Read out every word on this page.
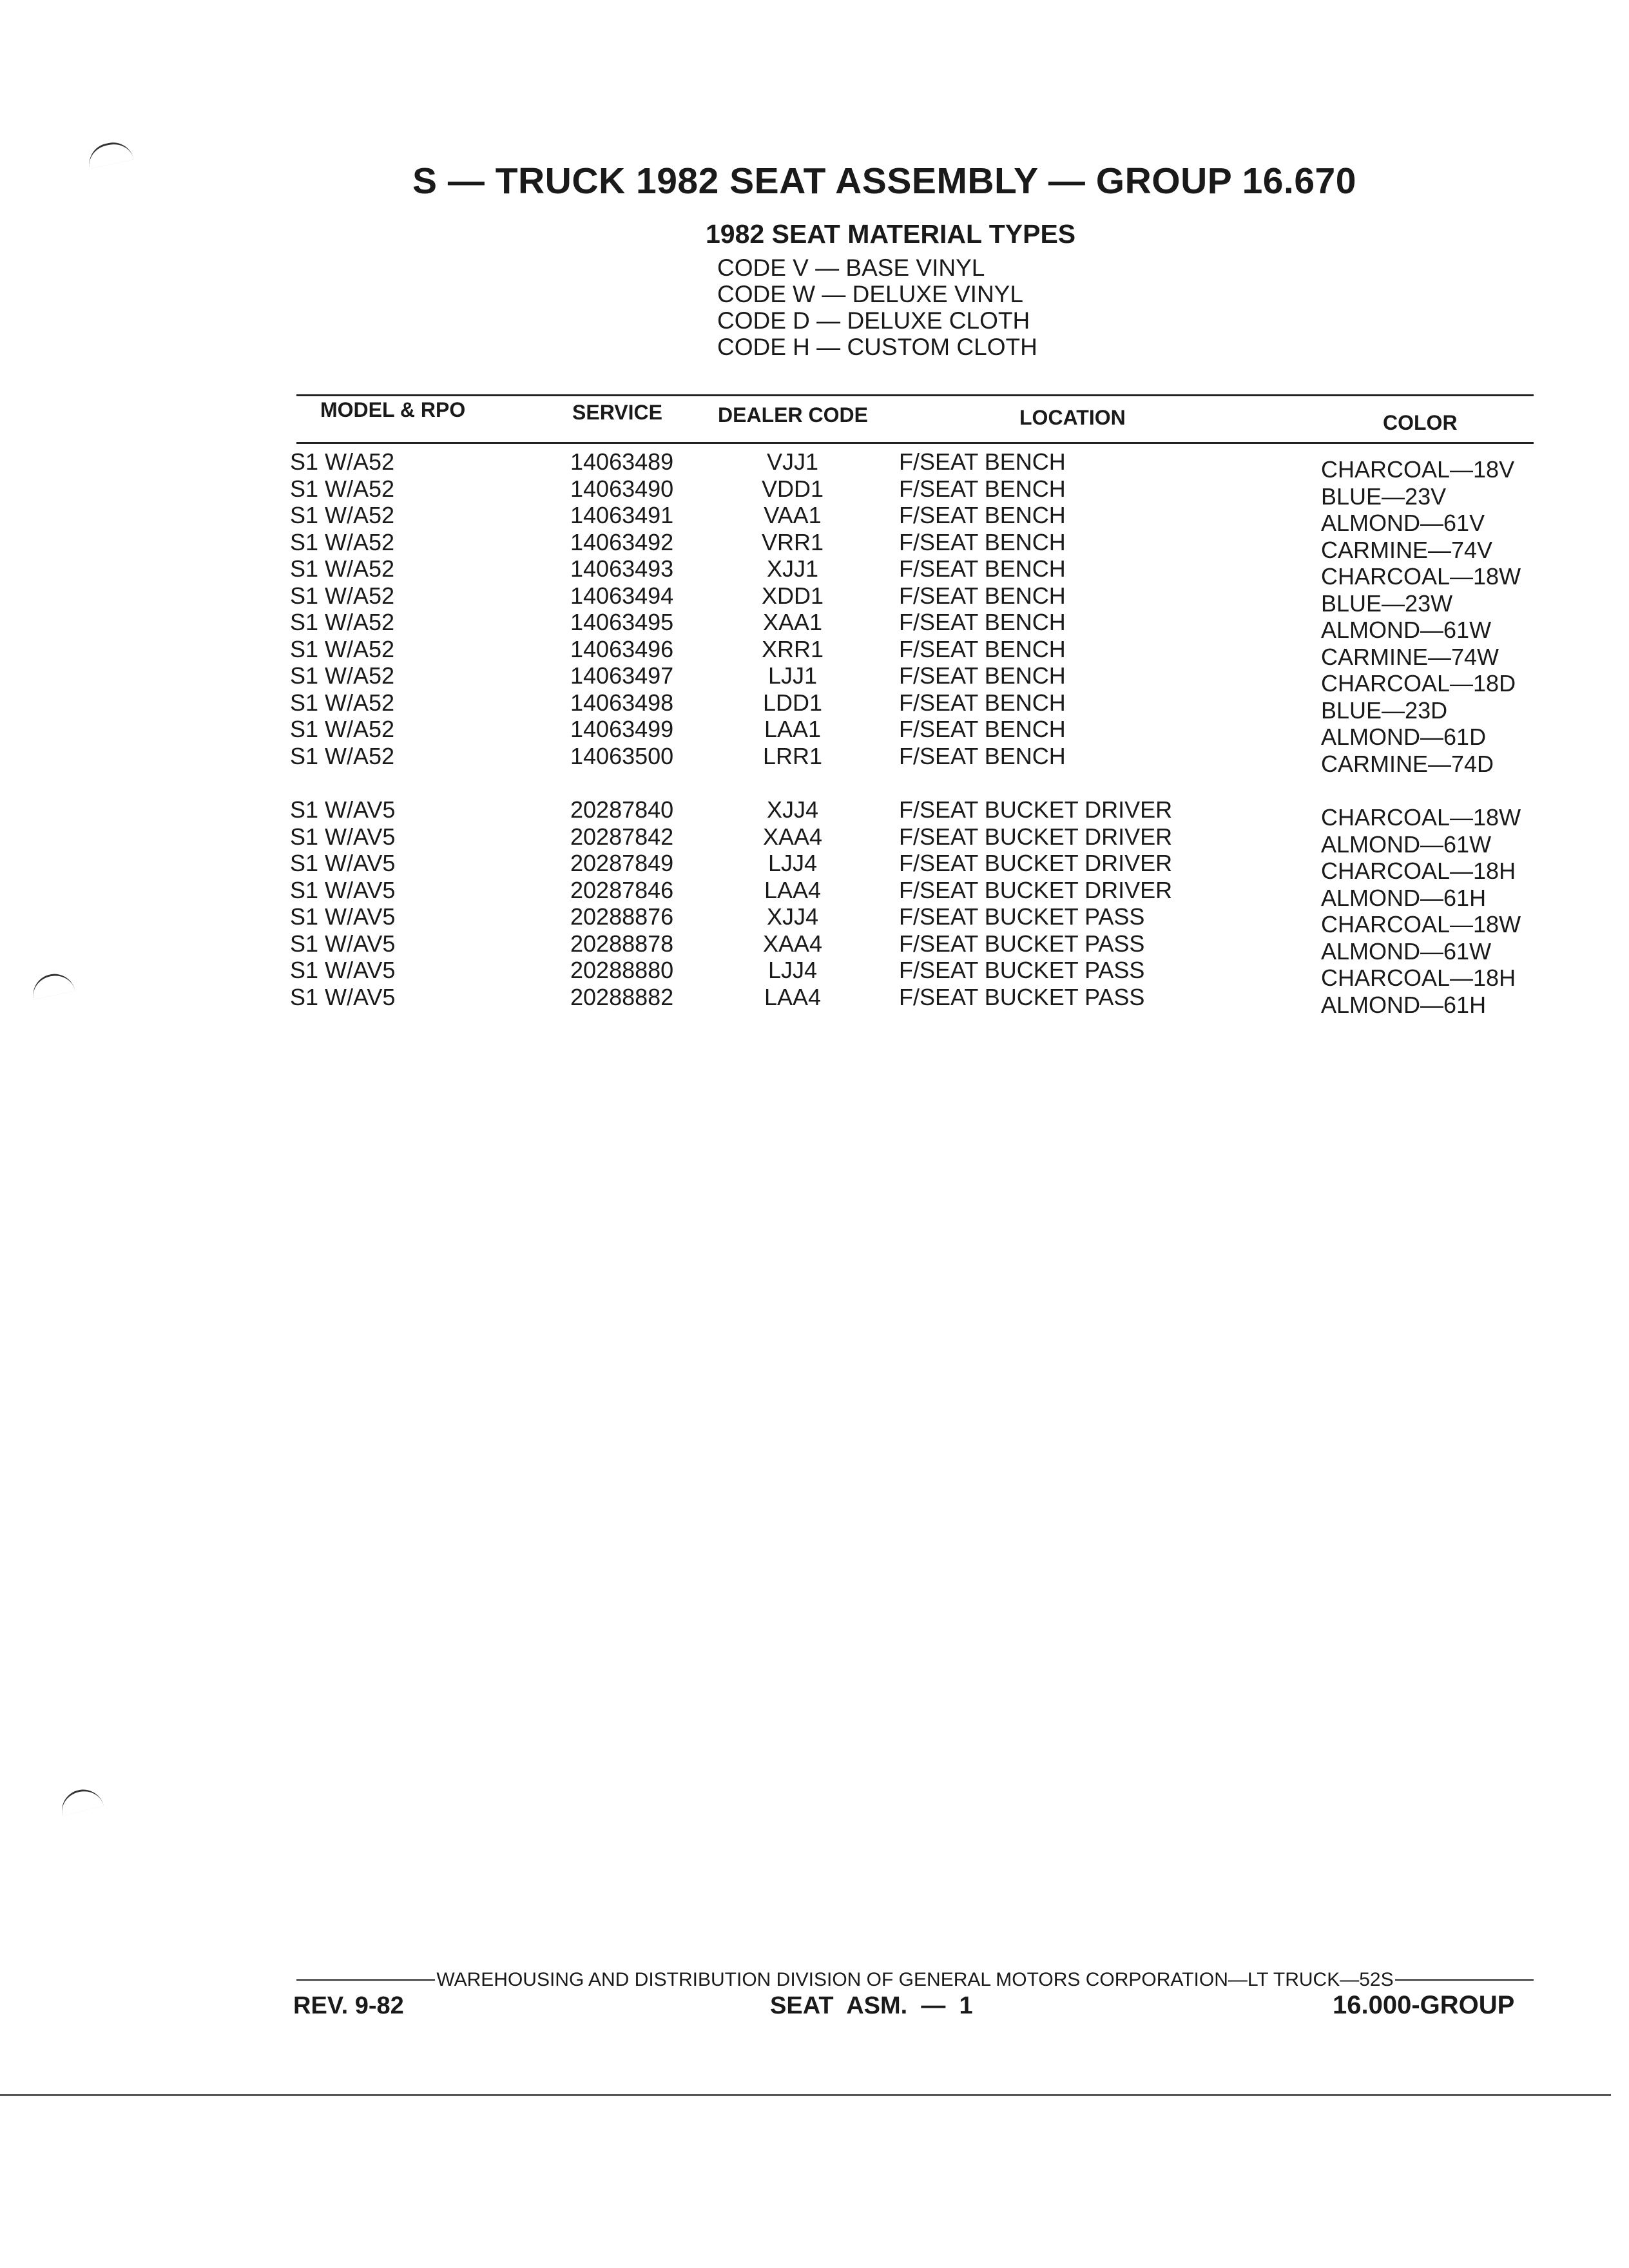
S — TRUCK 1982 SEAT ASSEMBLY — GROUP 16.670
1982 SEAT MATERIAL TYPES
CODE V — BASE VINYL
CODE W — DELUXE VINYL
CODE D — DELUXE CLOTH
CODE H — CUSTOM CLOTH
MODEL & RPO	SERVICE	DEALER CODE	LOCATION	COLOR
S1 W/A52	14063489	VJJ1	F/SEAT BENCH	CHARCOAL—18V
S1 W/A52	14063490	VDD1	F/SEAT BENCH	BLUE—23V
S1 W/A52	14063491	VAA1	F/SEAT BENCH	ALMOND—61V
S1 W/A52	14063492	VRR1	F/SEAT BENCH	CARMINE—74V
S1 W/A52	14063493	XJJ1	F/SEAT BENCH	CHARCOAL—18W
S1 W/A52	14063494	XDD1	F/SEAT BENCH	BLUE—23W
S1 W/A52	14063495	XAA1	F/SEAT BENCH	ALMOND—61W
S1 W/A52	14063496	XRR1	F/SEAT BENCH	CARMINE—74W
S1 W/A52	14063497	LJJ1	F/SEAT BENCH	CHARCOAL—18D
S1 W/A52	14063498	LDD1	F/SEAT BENCH	BLUE—23D
S1 W/A52	14063499	LAA1	F/SEAT BENCH	ALMOND—61D
S1 W/A52	14063500	LRR1	F/SEAT BENCH	CARMINE—74D
S1 W/AV5	20287840	XJJ4	F/SEAT BUCKET DRIVER	CHARCOAL—18W
S1 W/AV5	20287842	XAA4	F/SEAT BUCKET DRIVER	ALMOND—61W
S1 W/AV5	20287849	LJJ4	F/SEAT BUCKET DRIVER	CHARCOAL—18H
S1 W/AV5	20287846	LAA4	F/SEAT BUCKET DRIVER	ALMOND—61H
S1 W/AV5	20288876	XJJ4	F/SEAT BUCKET PASS	CHARCOAL—18W
S1 W/AV5	20288878	XAA4	F/SEAT BUCKET PASS	ALMOND—61W
S1 W/AV5	20288880	LJJ4	F/SEAT BUCKET PASS	CHARCOAL—18H
S1 W/AV5	20288882	LAA4	F/SEAT BUCKET PASS	ALMOND—61H
WAREHOUSING AND DISTRIBUTION DIVISION OF GENERAL MOTORS CORPORATION—LT TRUCK—52S
REV. 9-82	SEAT  ASM.  —  1	16.000-GROUP
